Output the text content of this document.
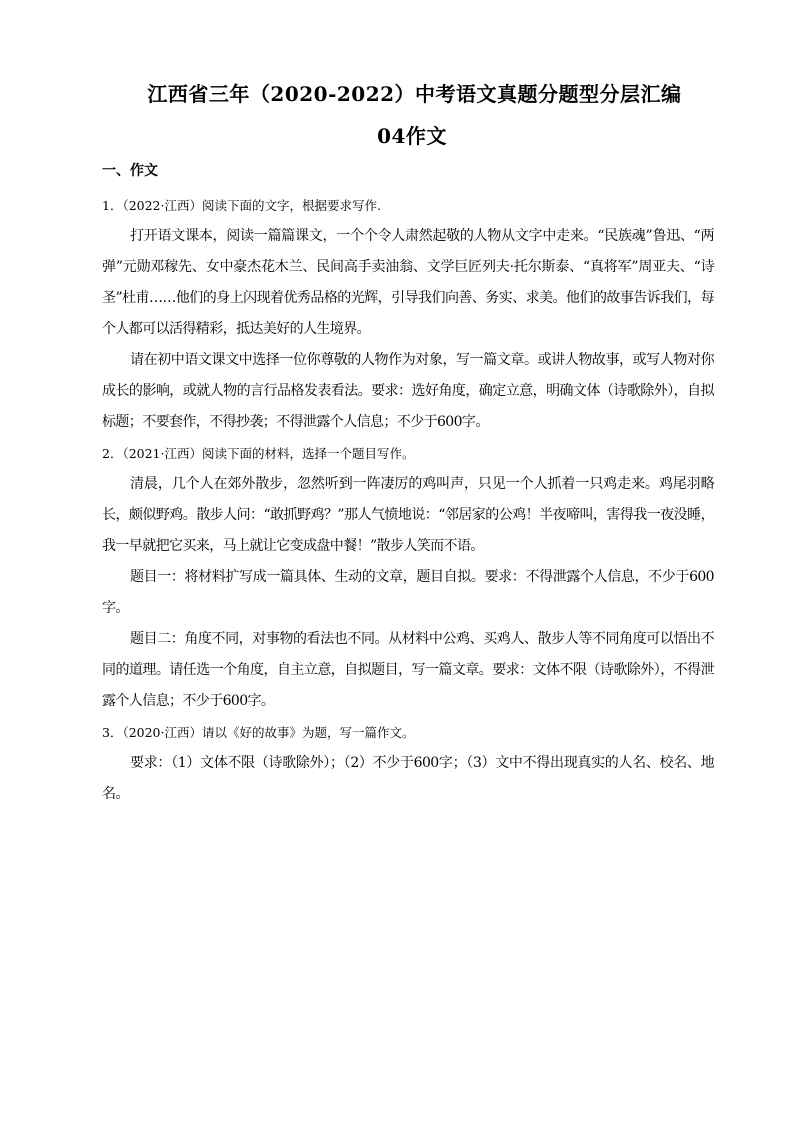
江西省三年（2020-2022）中考语文真题分题型分层汇编
04作文
一、作文

1．（2022·江西）阅读下面的文字，根据要求写作.

打开语文课本，阅读一篇篇课文，一个个令人肃然起敬的人物从文字中走来。“民族魂”鲁迅、“两弹”元勋邓稼先、女中豪杰花木兰、民间高手卖油翁、文学巨匠列夫·托尔斯泰、“真将军”周亚夫、“诗圣”杜甫……他们的身上闪现着优秀品格的光辉，引导我们向善、务实、求美。他们的故事告诉我们，每个人都可以活得精彩，抵达美好的人生境界。

请在初中语文课文中选择一位你尊敬的人物作为对象，写一篇文章。或讲人物故事，或写人物对你成长的影响，或就人物的言行品格发表看法。要求：选好角度，确定立意，明确文体（诗歌除外），自拟标题；不要套作，不得抄袭；不得泄露个人信息；不少于600字。

2．（2021·江西）阅读下面的材料，选择一个题目写作。

清晨，几个人在郊外散步，忽然听到一阵凄厉的鸡叫声，只见一个人抓着一只鸡走来。鸡尾羽略长，颇似野鸡。散步人问：“敢抓野鸡？”那人气愤地说：“邻居家的公鸡！半夜啼叫，害得我一夜没睡，我一早就把它买来，马上就让它变成盘中餐！”散步人笑而不语。

题目一：将材料扩写成一篇具体、生动的文章，题目自拟。要求：不得泄露个人信息，不少于600字。

题目二：角度不同，对事物的看法也不同。从材料中公鸡、买鸡人、散步人等不同角度可以悟出不同的道理。请任选一个角度，自主立意，自拟题目，写一篇文章。要求：文体不限（诗歌除外），不得泄露个人信息；不少于600字。

3．（2020·江西）请以《好的故事》为题，写一篇作文。

要求：（1）文体不限（诗歌除外）；（2）不少于600字；（3）文中不得出现真实的人名、校名、地名。
